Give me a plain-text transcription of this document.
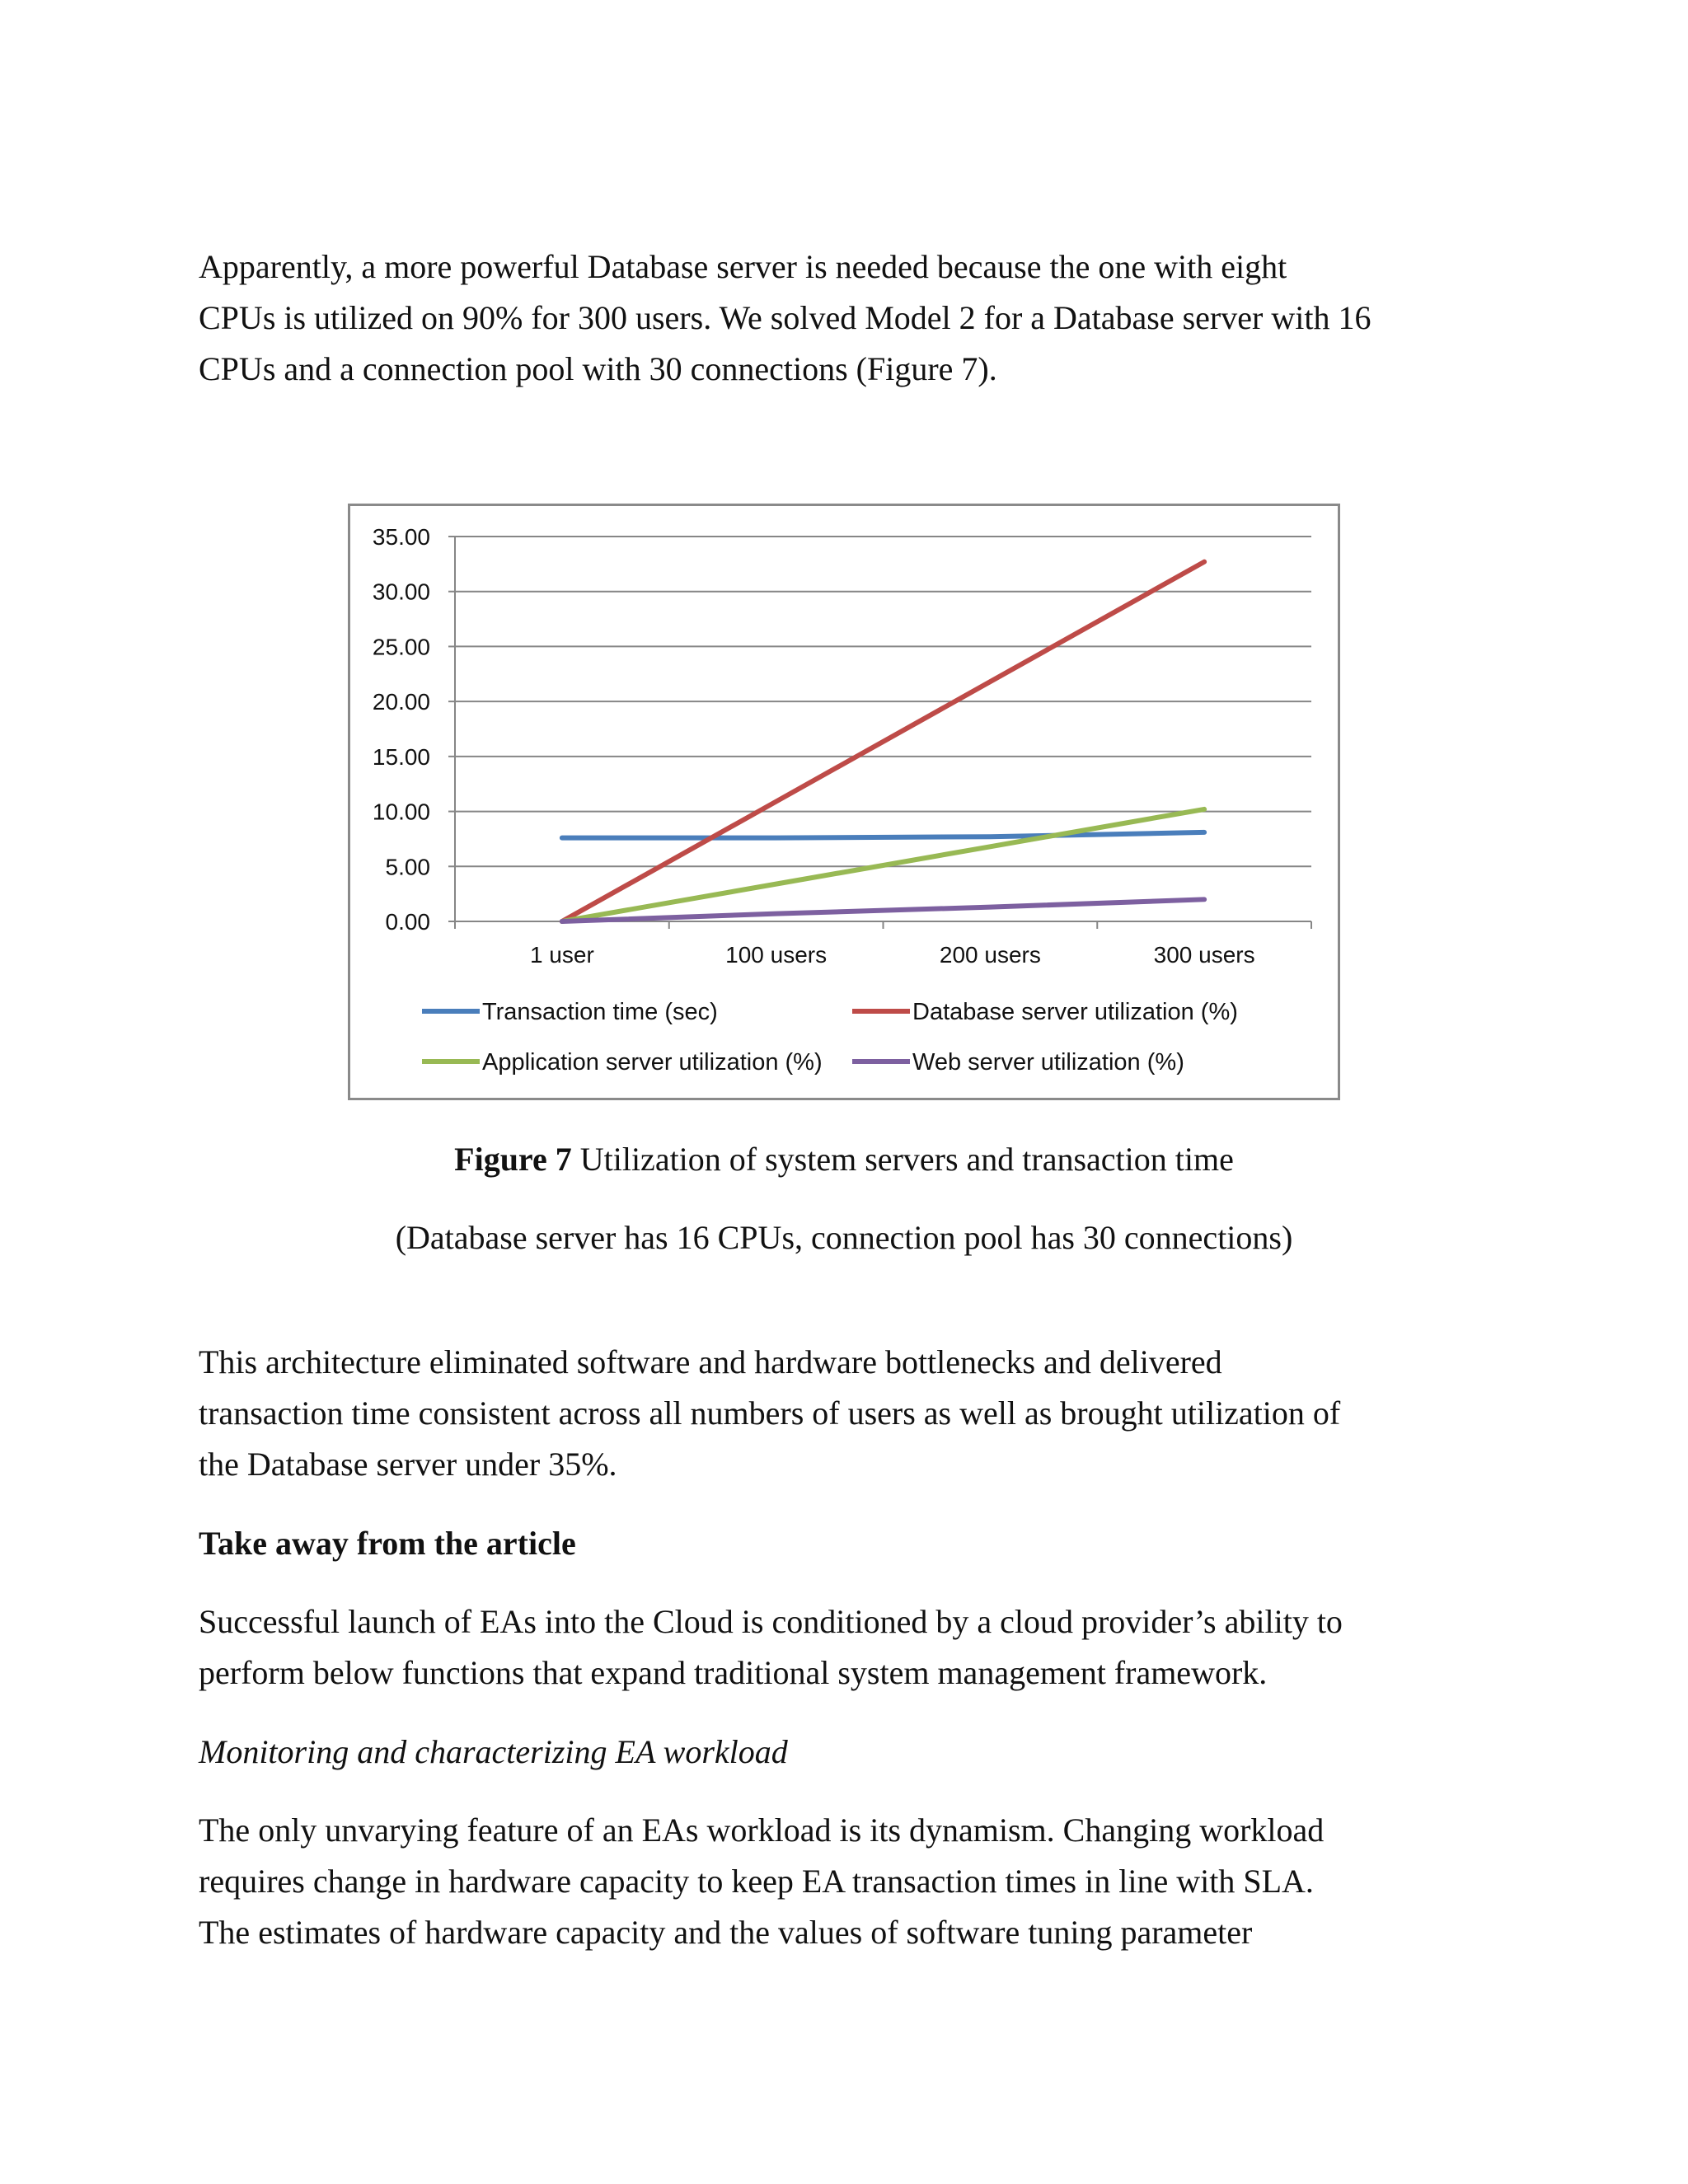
Apparently, a more powerful Database server is needed because the one with eight
CPUs is utilized on 90% for 300 users. We solved Model 2 for a Database server with 16
CPUs and a connection pool with 30 connections (Figure 7).
0.00
5.00
10.00
15.00
20.00
25.00
30.00
35.00
1 user	100 users	200 users	300 users
Transaction time (sec)	Database server utilization (%)
Application server utilization (%)	Web server utilization (%)

Figure 7 Utilization of system servers and transaction time

(Database server has 16 CPUs, connection pool has 30 connections)

This architecture eliminated software and hardware bottlenecks and delivered
transaction time consistent across all numbers of users as well as brought utilization of
the Database server under 35%.

Take away from the article

Successful launch of EAs into the Cloud is conditioned by a cloud provider’s ability to
perform below functions that expand traditional system management framework.

Monitoring and characterizing EA workload

The only unvarying feature of an EAs workload is its dynamism. Changing workload
requires change in hardware capacity to keep EA transaction times in line with SLA.
The estimates of hardware capacity and the values of software tuning parameter
